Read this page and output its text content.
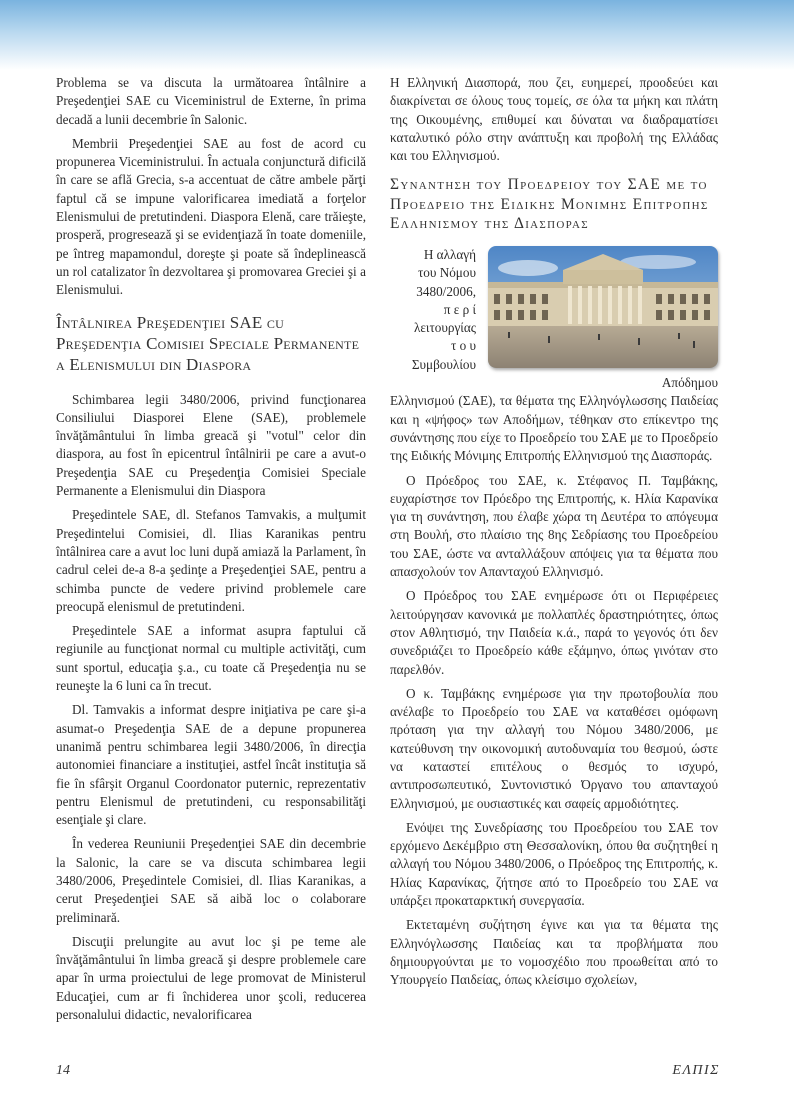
Problema se va discuta la următoarea întâlnire a Preşedenţiei SAE cu Viceministrul de Externe, în prima decadă a lunii decembrie în Salonic.

Membrii Preşedenţiei SAE au fost de acord cu propunerea Viceministrului. În actuala conjunctură dificilă în care se află Grecia, s-a accentuat de către ambele părţi faptul că se impune valorificarea imediată a forţelor Elenismului de pretutindeni. Diaspora Elenă, care trăieşte, prosperă, progresează şi se evidenţiază în toate domeniile, pe întreg mapamondul, doreşte şi poate să îndeplinească un rol catalizator în dezvoltarea şi promovarea Greciei şi a Elenismului.

Întâlnirea Preşedenţiei SAE cu Preşedenţia Comisiei Speciale Permanente a Elenismului din Diaspora

Schimbarea legii 3480/2006, privind funcţionarea Consiliului Diasporei Elene (SAE), problemele învăţământului în limba greacă şi "votul" celor din diaspora, au fost în epicentrul întâlnirii pe care a avut-o Preşedenţia SAE cu Preşedenţia Comisiei Speciale Permanente a Elenismului din Diaspora

Preşedintele SAE, dl. Stefanos Tamvakis, a mulţumit Preşedintelui Comisiei, dl. Ilias Karanikas pentru întâlnirea care a avut loc luni după amiază la Parlament, în cadrul celei de-a 8-a şedinţe a Preşedenţiei SAE, pentru a schimba puncte de vedere privind problemele care preocupă elenismul de pretutindeni.

Preşedintele SAE a informat asupra faptului că regiunile au funcţionat normal cu multiple activităţi, cum sunt sportul, educaţia ş.a., cu toate că Preşedenţia nu se reuneşte la 6 luni ca în trecut.

Dl. Tamvakis a informat despre iniţiativa pe care şi-a asumat-o Preşedenţia SAE de a depune propunerea unanimă pentru schimbarea legii 3480/2006, în direcţia autonomiei financiare a instituţiei, astfel încât instituţia să fie în sfârşit Organul Coordonator puternic, reprezentativ pentru Elenismul de pretutindeni, cu responsabilităţi esenţiale şi clare.

În vederea Reuniunii Preşedenţiei SAE din decembrie la Salonic, la care se va discuta schimbarea legii 3480/2006, Preşedintele Comisiei, dl. Ilias Karanikas, a cerut Preşedenţiei SAE să aibă loc o colaborare preliminară.

Discuţii prelungite au avut loc şi pe teme ale învăţământului în limba greacă şi despre problemele care apar în urma proiectului de lege promovat de Ministerul Educaţiei, cum ar fi închiderea unor şcoli, reducerea personalului didactic, nevalorificarea

Η Ελληνική Διασπορά, που ζει, ευημερεί, προοδεύει και διακρίνεται σε όλους τους τομείς, σε όλα τα μήκη και πλάτη της Οικουμένης, επιθυμεί και δύναται να διαδραματίσει καταλυτικό ρόλο στην ανάπτυξη και προβολή της Ελλάδας και του Ελληνισμού.

Συναντηση του Προεδρειου του ΣΑΕ με το Προεδρειο της Ειδικης Μονιμης Επιτροπης Ελληνισμου της Διασπορας

Η αλλαγή

του Νόμου

3480/2006,

π ε ρ ί

λειτουργίας

τ ο υ

Συμβουλίου

Απόδημου

Ελληνισμού (ΣΑΕ), τα θέματα της Ελληνόγλωσσης Παιδείας και η «ψήφος» των Αποδήμων, τέθηκαν στο επίκεντρο της συνάντησης που είχε το Προεδρείο του ΣΑΕ με το Προεδρείο της Ειδικής Μόνιμης Επιτροπής Ελληνισμού της Διασποράς.

Ο Πρόεδρος του ΣΑΕ, κ. Στέφανος Π. Ταμβάκης, ευχαρίστησε τον Πρόεδρο της Επιτροπής, κ. Ηλία Καρανίκα για τη συνάντηση, που έλαβε χώρα τη Δευτέρα το απόγευμα στη Βουλή, στο πλαίσιο της 8ης Σεδρίασης του Προεδρείου του ΣΑΕ, ώστε να ανταλλάξουν απόψεις για τα θέματα που απασχολούν τον Απανταχού Ελληνισμό.

Ο Πρόεδρος του ΣΑΕ ενημέρωσε ότι οι Περιφέρειες λειτούργησαν κανονικά με πολλαπλές δραστηριότητες, όπως στον Αθλητισμό, την Παιδεία κ.ά., παρά το γεγονός ότι δεν συνεδριάζει το Προεδρείο κάθε εξάμηνο, όπως γινόταν στο παρελθόν.

Ο κ. Ταμβάκης ενημέρωσε για την πρωτοβουλία που ανέλαβε το Προεδρείο του ΣΑΕ να καταθέσει ομόφωνη πρόταση για την αλλαγή του Νόμου 3480/2006, με κατεύθυνση την οικονομική αυτοδυναμία του θεσμού, ώστε να καταστεί επιτέλους ο θεσμός το ισχυρό, αντιπροσωπευτικό, Συντονιστικό Όργανο του απανταχού Ελληνισμού, με ουσιαστικές και σαφείς αρμοδιότητες.

Ενόψει της Συνεδρίασης του Προεδρείου του ΣΑΕ τον ερχόμενο Δεκέμβριο στη Θεσσαλονίκη, όπου θα συζητηθεί η αλλαγή του Νόμου 3480/2006, ο Πρόεδρος της Επιτροπής, κ. Ηλίας Καρανίκας, ζήτησε από το Προεδρείο του ΣΑΕ να υπάρξει προκαταρκτική συνεργασία.

Εκτεταμένη συζήτηση έγινε και για τα θέματα της Ελληνόγλωσσης Παιδείας και τα προβλήματα που δημιουργούνται με το νομοσχέδιο που προωθείται από το Υπουργείο Παιδείας, όπως κλείσιμο σχολείων,

14	ΕΛΠΙΣ
